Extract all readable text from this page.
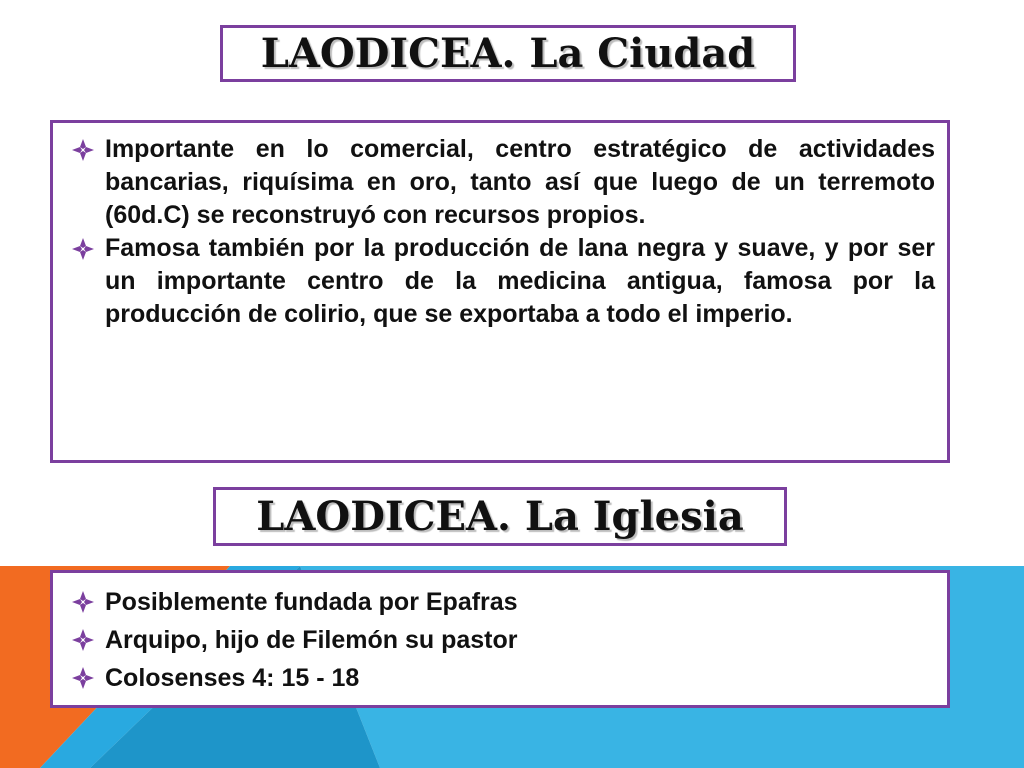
LAODICEA. La Ciudad
Importante en lo comercial, centro estratégico de actividades bancarias, riquísima en oro, tanto así que luego de un terremoto (60d.C) se reconstruyó con recursos propios.
Famosa también por la producción de lana negra y suave, y por ser un importante centro de la medicina antigua, famosa por la producción de colirio, que se exportaba a todo el imperio.
LAODICEA. La Iglesia
Posiblemente fundada por Epafras
Arquipo, hijo de Filemón su pastor
Colosenses 4: 15 - 18
